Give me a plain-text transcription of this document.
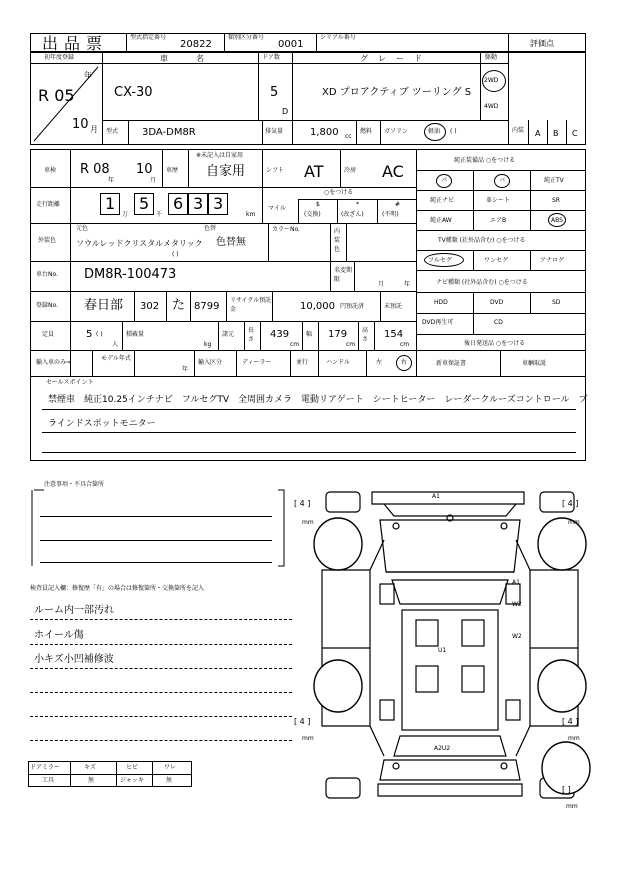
出品票	型式指定番号
20822
類別区分番号
0001
シリアル番号
評価点
初年度登録
年
R 05
10 月
車名
CX-30
ドア数
5
D
グレード
XD プロアクティブ ツーリング S
駆動
2WD
4WD
型式 3DA-DM8R	排気量	1,800 cc
燃料 ガソリン	軽油 ( )	内装 A B C
車検 R 08
年
10
月
車歴
※未記入は自家用
自家用	シフト AT	冷房 AC
走行距離	1
万
5
千
6 3 3
km
マイル
○をつける
$
(交換)
*
(改ざん)
#
(不明)
外装色
元色
ソウルレッドクリスタルメタリック
色替
色替無
( )
カラーNo.	内装色
車台No. DM8R-100473	名変期限
月	年
登録No. 春日部 302 た 8799
リサイクル預託金	10,000 円預託済	未預託
定員	5 ( )
人
積載量
kg
諸元
長さ 439
cm
幅 179
cm
高さ 154
cm
輸入車のみ⇒
モデル年式
年
輸入区分	ディーラー	並行	ハンドル	左	右
純正装備品 ○をつける
パ	バ	純正TV
純正ナビ	革シート	SR
純正AW	エアB	ABS
TV種類 (社外品含む) ○をつける
フルセグ	ワンセグ	アナログ
ナビ種類 (社外品含む) ○をつける
HDD	DVD	SD
DVD再生可	CD
後日発送品 ○をつける
新車保証書	車輌取説
セールスポイント
禁煙車　純正10.25インチナビ　フルセグTV　全周囲カメラ　電動リアゲート　シートヒーター　レーダークルーズコントロール　ブ
ラインドスポットモニター
注意事項・不具合箇所
検査員記入欄：修復歴「有」の場合は修復箇所・交換箇所を記入
ルーム内一部汚れ
ホイール傷
小キズ小凹補修波
ドアミラー	キズ	ヒビ	ワレ
工具	無	ジャッキ	無
A1
A1
W2
W2
U1
A2U2
[ 4 ]
mm
[ 4 ]
mm
[ 4 ]
mm
[ 4 ]
mm
[ ]
mm
